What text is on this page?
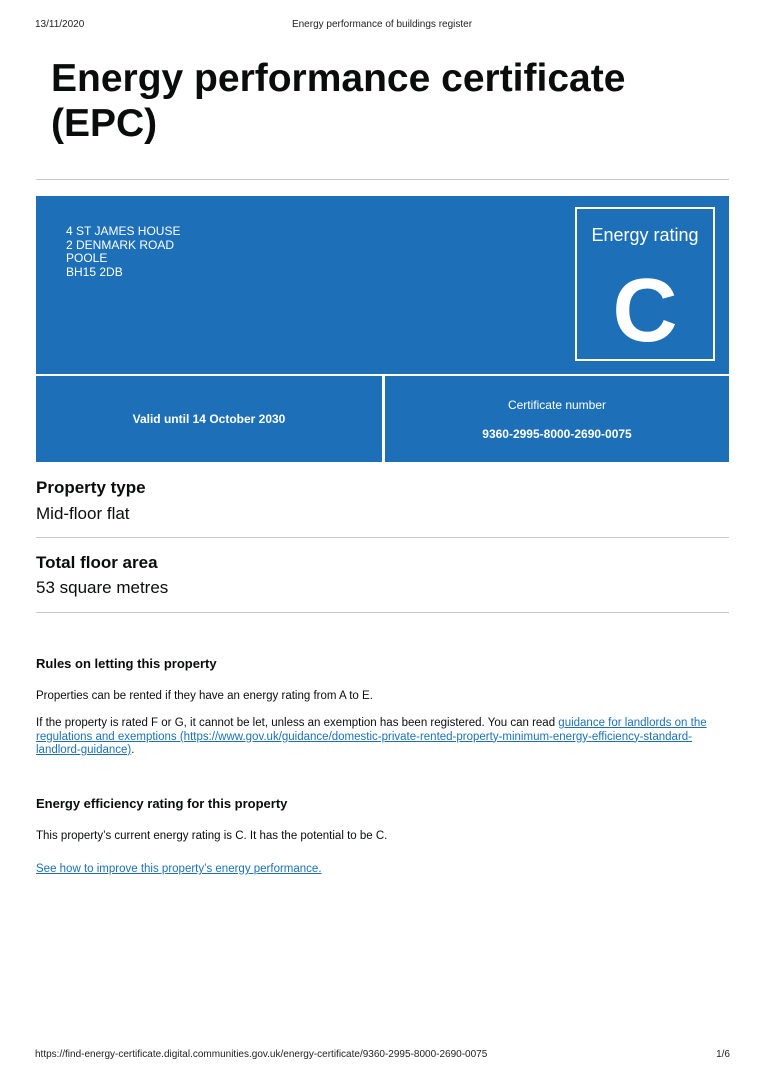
13/11/2020	Energy performance of buildings register
Energy performance certificate (EPC)
4 ST JAMES HOUSE
2 DENMARK ROAD
POOLE
BH15 2DB
Energy rating
C
Valid until 14 October 2030
Certificate number
9360-2995-8000-2690-0075
Property type
Mid-floor flat
Total floor area
53 square metres
Rules on letting this property
Properties can be rented if they have an energy rating from A to E.
If the property is rated F or G, it cannot be let, unless an exemption has been registered. You can read guidance for landlords on the regulations and exemptions (https://www.gov.uk/guidance/domestic-private-rented-property-minimum-energy-efficiency-standard-landlord-guidance).
Energy efficiency rating for this property
This property’s current energy rating is C. It has the potential to be C.
See how to improve this property’s energy performance.
https://find-energy-certificate.digital.communities.gov.uk/energy-certificate/9360-2995-8000-2690-0075	1/6
